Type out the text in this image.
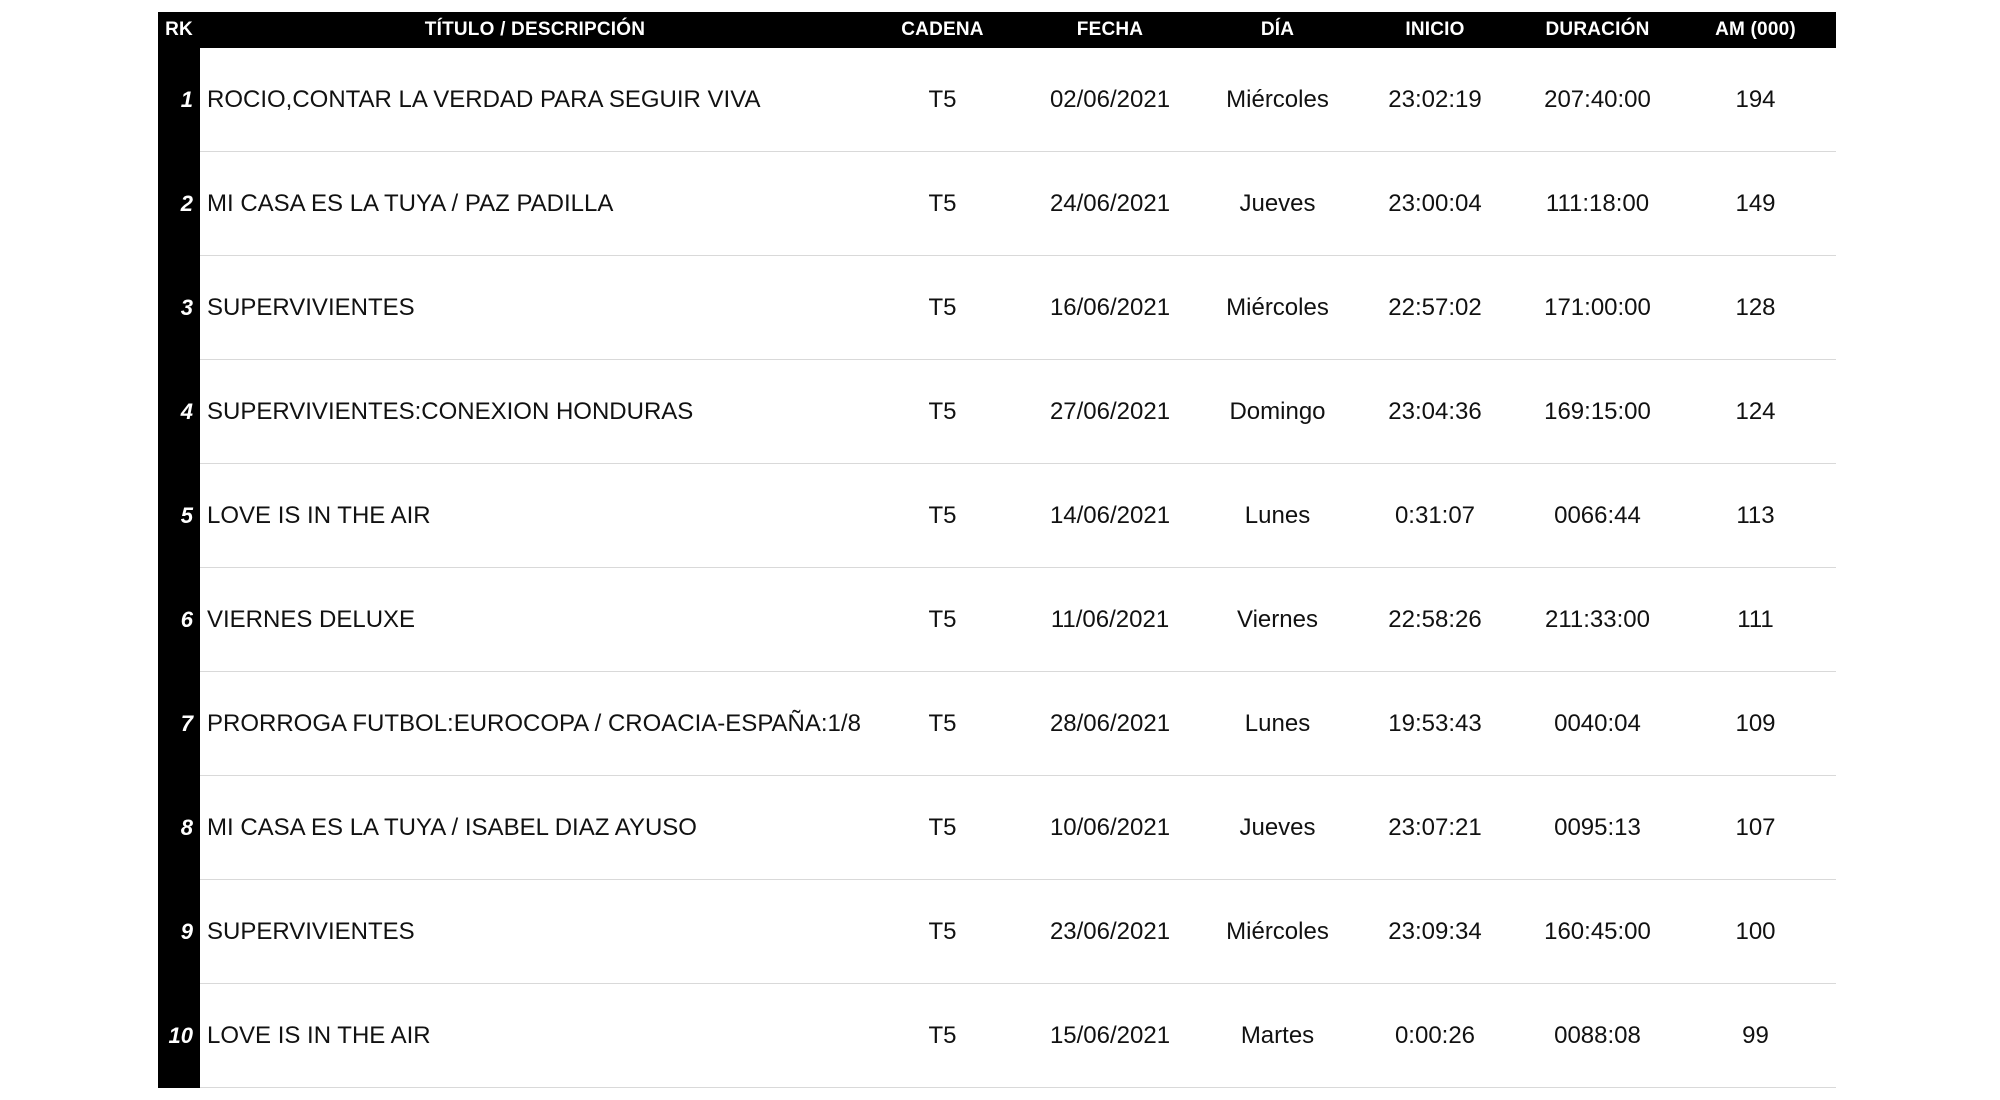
RK	TÍTULO / DESCRIPCIÓN	CADENA	FECHA	DÍA	INICIO	DURACIÓN	AM (000)
1 ROCIO,CONTAR LA VERDAD PARA SEGUIR VIVA	T5	02/06/2021	Miércoles	23:02:19	207:40:00	194
2 MI CASA ES LA TUYA / PAZ PADILLA	T5	24/06/2021	Jueves	23:00:04	111:18:00	149
3 SUPERVIVIENTES	T5	16/06/2021	Miércoles	22:57:02	171:00:00	128
4 SUPERVIVIENTES:CONEXION HONDURAS	T5	27/06/2021	Domingo	23:04:36	169:15:00	124
5 LOVE IS IN THE AIR	T5	14/06/2021	Lunes	0:31:07	0066:44	113
6 VIERNES DELUXE	T5	11/06/2021	Viernes	22:58:26	211:33:00	111
7 PRORROGA FUTBOL:EUROCOPA / CROACIA-ESPAÑA:1/8	T5	28/06/2021	Lunes	19:53:43	0040:04	109
8 MI CASA ES LA TUYA / ISABEL DIAZ AYUSO	T5	10/06/2021	Jueves	23:07:21	0095:13	107
9 SUPERVIVIENTES	T5	23/06/2021	Miércoles	23:09:34	160:45:00	100
10 LOVE IS IN THE AIR	T5	15/06/2021	Martes	0:00:26	0088:08	99
